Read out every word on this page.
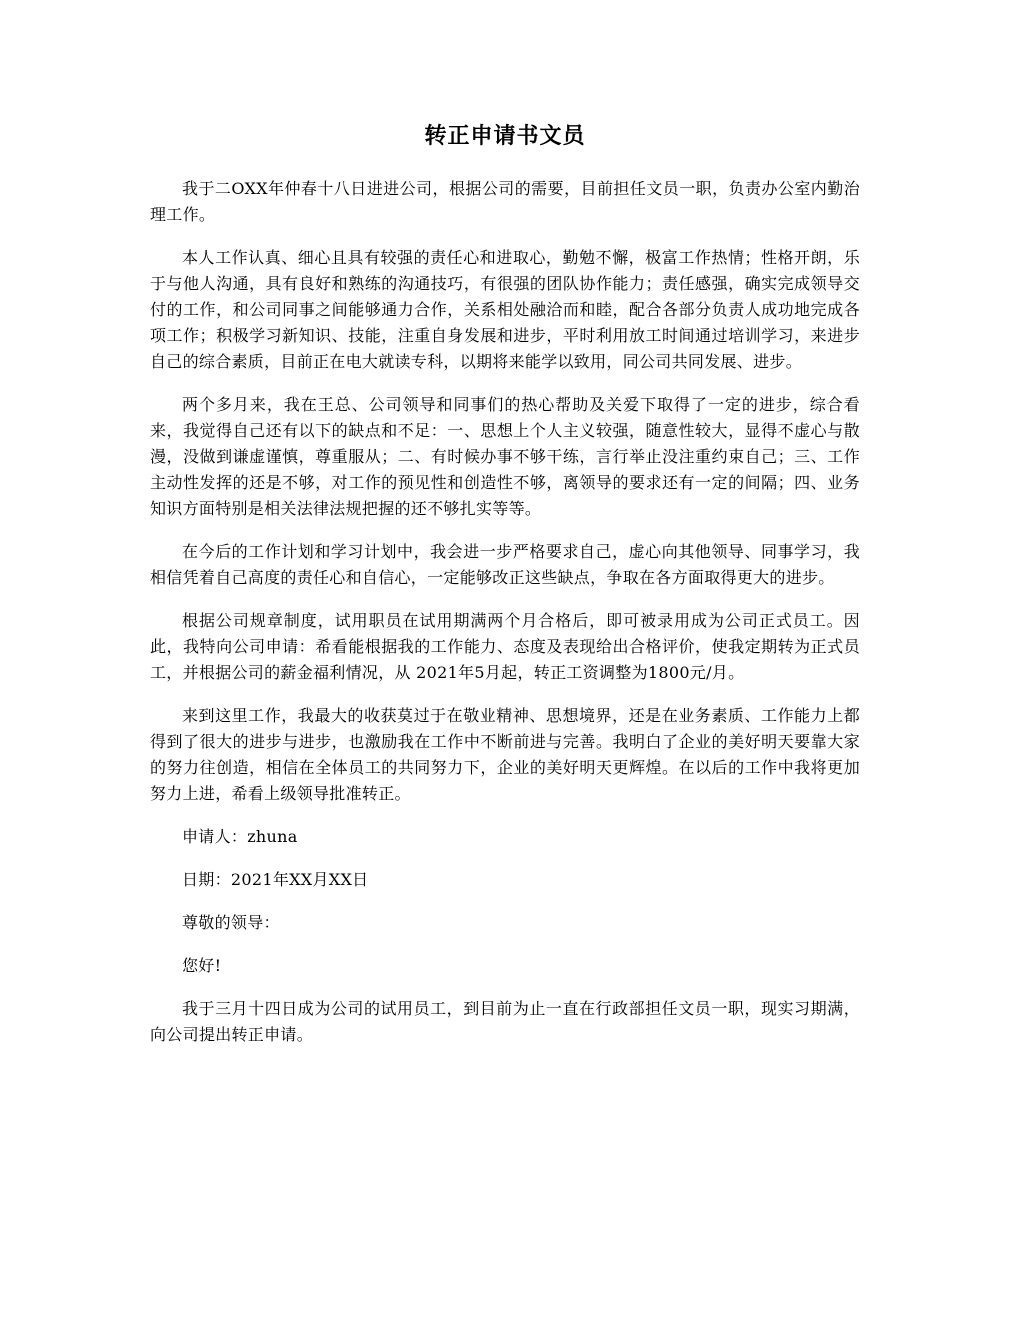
转正申请书文员

我于二OXX年仲春十八日进进公司，根据公司的需要，目前担任文员一职，负责办公室内勤治理工作。

本人工作认真、细心且具有较强的责任心和进取心，勤勉不懈，极富工作热情；性格开朗，乐于与他人沟通，具有良好和熟练的沟通技巧，有很强的团队协作能力；责任感强，确实完成领导交付的工作，和公司同事之间能够通力合作，关系相处融洽而和睦，配合各部分负责人成功地完成各项工作；积极学习新知识、技能，注重自身发展和进步，平时利用放工时间通过培训学习，来进步自己的综合素质，目前正在电大就读专科，以期将来能学以致用，同公司共同发展、进步。

两个多月来，我在王总、公司领导和同事们的热心帮助及关爱下取得了一定的进步，综合看来，我觉得自己还有以下的缺点和不足：一、思想上个人主义较强，随意性较大，显得不虚心与散漫，没做到谦虚谨慎，尊重服从；二、有时候办事不够干练，言行举止没注重约束自己；三、工作主动性发挥的还是不够，对工作的预见性和创造性不够，离领导的要求还有一定的间隔；四、业务知识方面特别是相关法律法规把握的还不够扎实等等。

在今后的工作计划和学习计划中，我会进一步严格要求自己，虚心向其他领导、同事学习，我相信凭着自己高度的责任心和自信心，一定能够改正这些缺点，争取在各方面取得更大的进步。

根据公司规章制度，试用职员在试用期满两个月合格后，即可被录用成为公司正式员工。因此，我特向公司申请：希看能根据我的工作能力、态度及表现给出合格评价，使我定期转为正式员工，并根据公司的薪金福利情况，从 2021年5月起，转正工资调整为1800元/月。

来到这里工作，我最大的收获莫过于在敬业精神、思想境界，还是在业务素质、工作能力上都得到了很大的进步与进步，也激励我在工作中不断前进与完善。我明白了企业的美好明天要靠大家的努力往创造，相信在全体员工的共同努力下，企业的美好明天更辉煌。在以后的工作中我将更加努力上进，希看上级领导批准转正。

申请人：zhuna

日期：2021年XX月XX日

尊敬的领导：

您好!

我于三月十四日成为公司的试用员工，到目前为止一直在行政部担任文员一职，现实习期满，向公司提出转正申请。
